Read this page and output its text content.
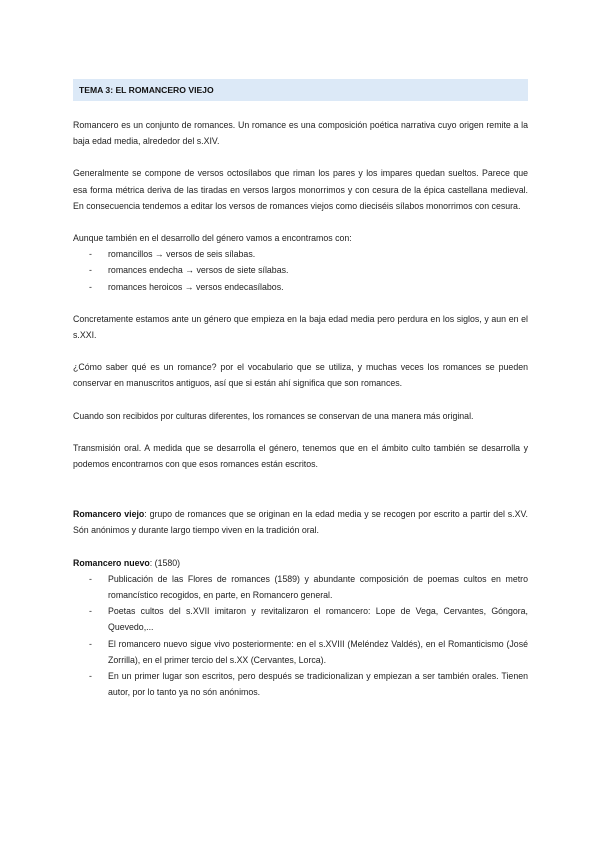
TEMA 3: EL ROMANCERO VIEJO

Romancero es un conjunto de romances. Un romance es una composición poética narrativa cuyo origen remite a la baja edad media, alrededor del s.XIV.

Generalmente se compone de versos octosílabos que riman los pares y los impares quedan sueltos. Parece que esa forma métrica deriva de las tiradas en versos largos monorrimos y con cesura de la épica castellana medieval. En consecuencia tendemos a editar los versos de romances viejos como dieciséis sílabos monorrimos con cesura.

Aunque también en el desarrollo del género vamos a encontramos con:

- romancillos → versos de seis sílabas.
- romances endecha → versos de siete sílabas.
- romances heroicos → versos endecasílabos.

Concretamente estamos ante un género que empieza en la baja edad media pero perdura en los siglos, y aun en el s.XXI.

¿Cómo saber qué es un romance? por el vocabulario que se utiliza, y muchas veces los romances se pueden conservar en manuscritos antiguos, así que si están ahí significa que son romances.

Cuando son recibidos por culturas diferentes, los romances se conservan de una manera más original.

Transmisión oral. A medida que se desarrolla el género, tenemos que en el ámbito culto también se desarrolla y podemos encontrarnos con que esos romances están escritos.

Romancero viejo: grupo de romances que se originan en la edad media y se recogen por escrito a partir del s.XV. Són anónimos y durante largo tiempo viven en la tradición oral.

Romancero nuevo: (1580)

- Publicación de las Flores de romances (1589) y abundante composición de poemas cultos en metro romancístico recogidos, en parte, en Romancero general.
- Poetas cultos del s.XVII imitaron y revitalizaron el romancero: Lope de Vega, Cervantes, Góngora, Quevedo,...
- El romancero nuevo sigue vivo posteriormente: en el s.XVIII (Meléndez Valdés), en el Romanticismo (José Zorrilla), en el primer tercio del s.XX (Cervantes, Lorca).
- En un primer lugar son escritos, pero después se tradicionalizan y empiezan a ser también orales. Tienen autor, por lo tanto ya no són anónimos.
